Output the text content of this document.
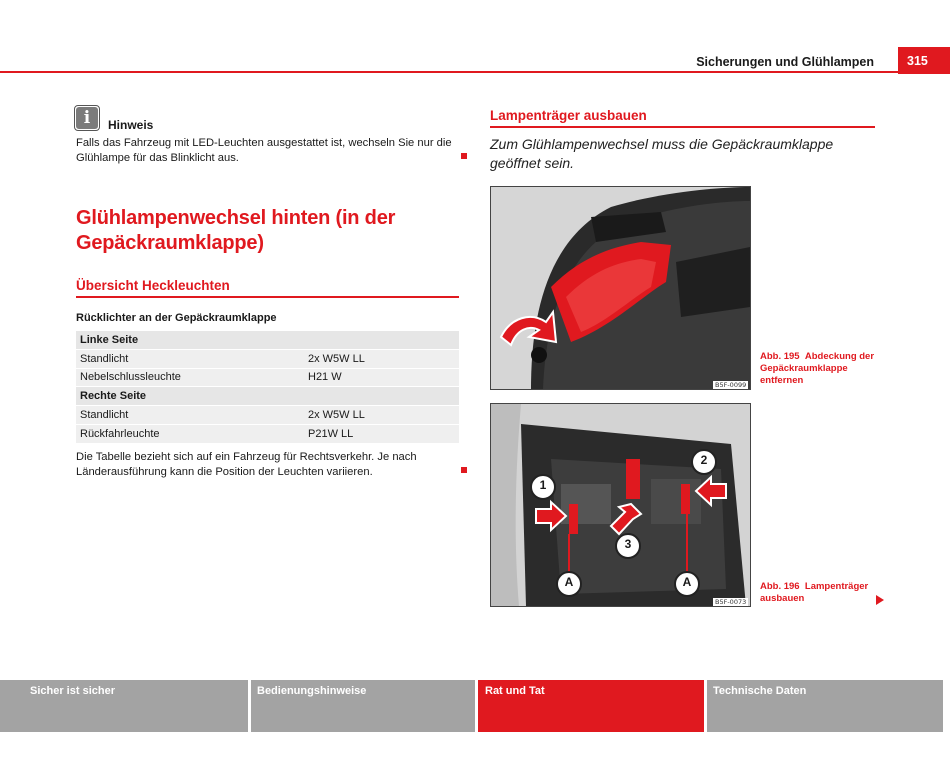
Sicherungen und Glühlampen	315
i	Hinweis
Falls das Fahrzeug mit LED-Leuchten ausgestattet ist, wechseln Sie nur die Glühlampe für das Blinklicht aus.
Glühlampenwechsel hinten (in der Gepäckraumklappe)
Übersicht Heckleuchten
Rücklichter an der Gepäckraumklappe
Linke Seite	
Standlicht	2x W5W LL
Nebelschlussleuchte	H21 W
Rechte Seite	
Standlicht	2x W5W LL
Rückfahrleuchte	P21W LL
Die Tabelle bezieht sich auf ein Fahrzeug für Rechtsverkehr. Je nach Länderausführung kann die Position der Leuchten variieren.
Lampenträger ausbauen
Zum Glühlampenwechsel muss die Gepäckraumklappe geöffnet sein.
B5F-0099
Abb. 195 Abdeckung der Gepäckraumklappe entfernen
1
2
3
A	A
B5F-0073
Abb. 196 Lampenträger ausbauen
Sicher ist sicher	Bedienungshinweise	Rat und Tat	Technische Daten
